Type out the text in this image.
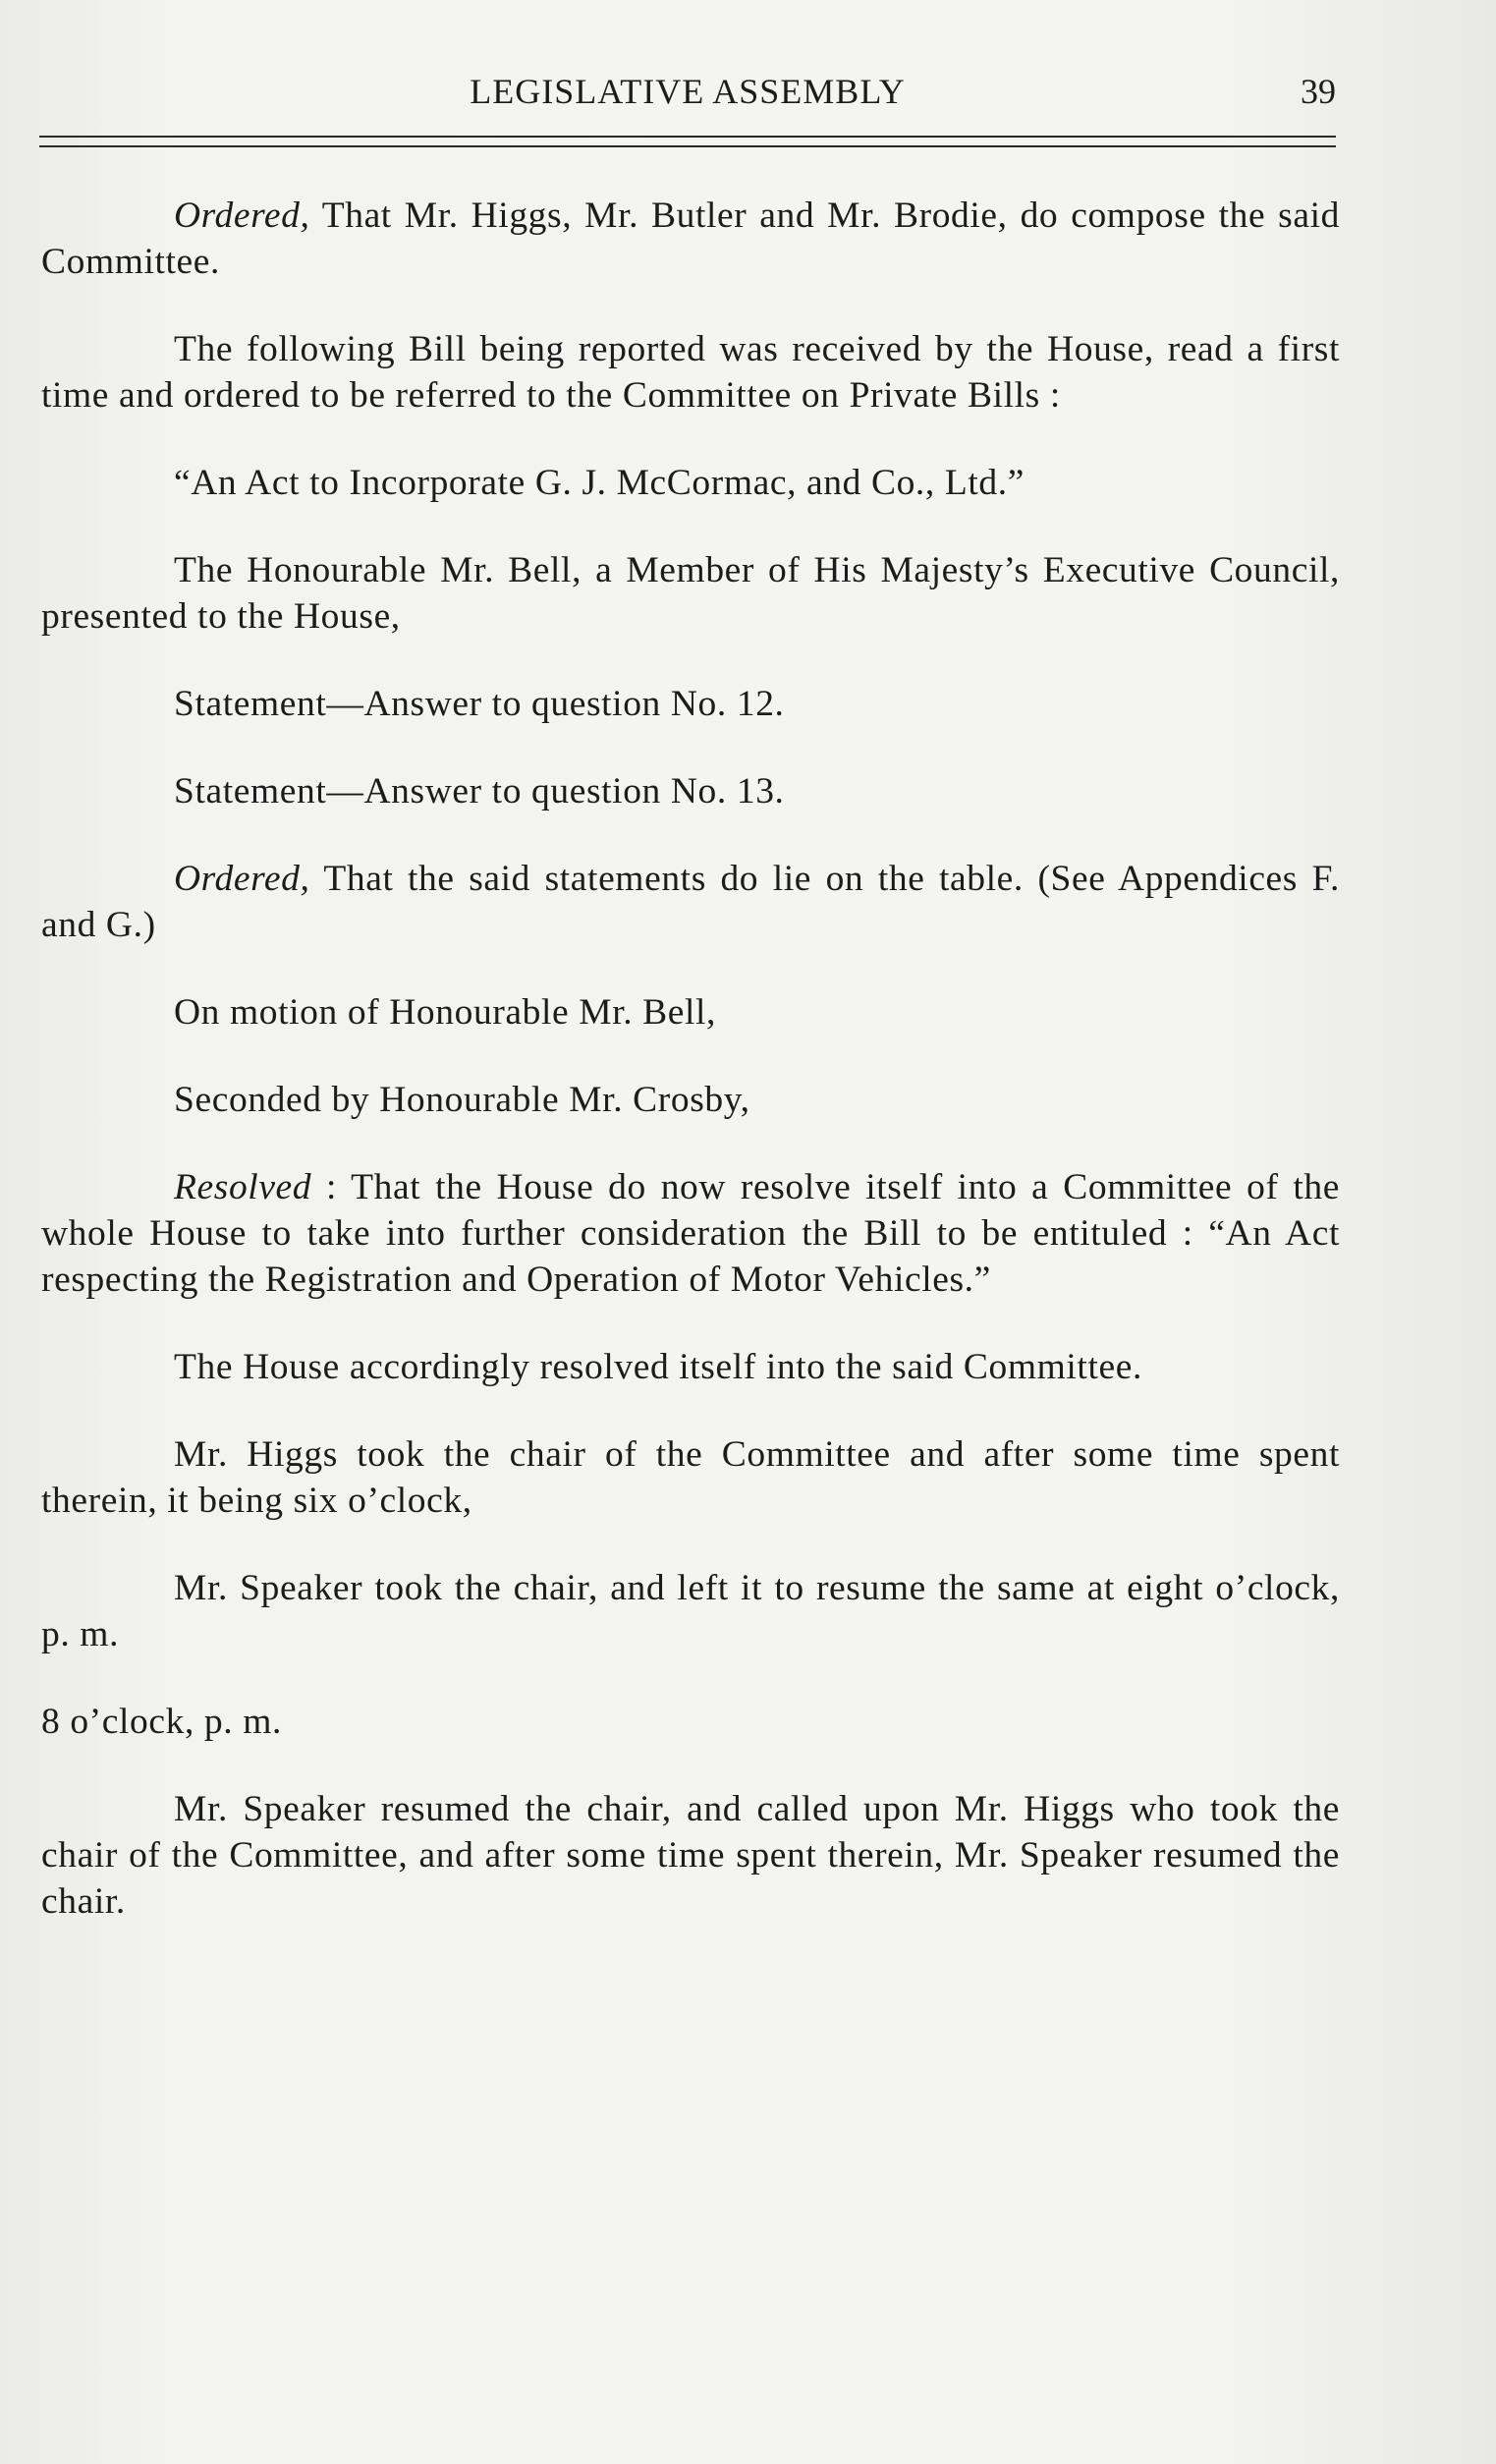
LEGISLATIVE ASSEMBLY	39

Ordered, That Mr. Higgs, Mr. Butler and Mr. Brodie, do compose the said Committee.

The following Bill being reported was received by the House, read a first time and ordered to be referred to the Committee on Private Bills :

“An Act to Incorporate G. J. McCormac, and Co., Ltd.”

The Honourable Mr. Bell, a Member of His Majesty’s Executive Council, presented to the House,

Statement—Answer to question No. 12.

Statement—Answer to question No. 13.

Ordered, That the said statements do lie on the table. (See Appendices F. and G.)

On motion of Honourable Mr. Bell,

Seconded by Honourable Mr. Crosby,

Resolved : That the House do now resolve itself into a Committee of the whole House to take into further consideration the Bill to be entituled : “An Act respecting the Registration and Operation of Motor Vehicles.”

The House accordingly resolved itself into the said Committee.

Mr. Higgs took the chair of the Committee and after some time spent therein, it being six o’clock,

Mr. Speaker took the chair, and left it to resume the same at eight o’clock, p. m.

8 o’clock, p. m.

Mr. Speaker resumed the chair, and called upon Mr. Higgs who took the chair of the Committee, and after some time spent therein, Mr. Speaker resumed the chair.
